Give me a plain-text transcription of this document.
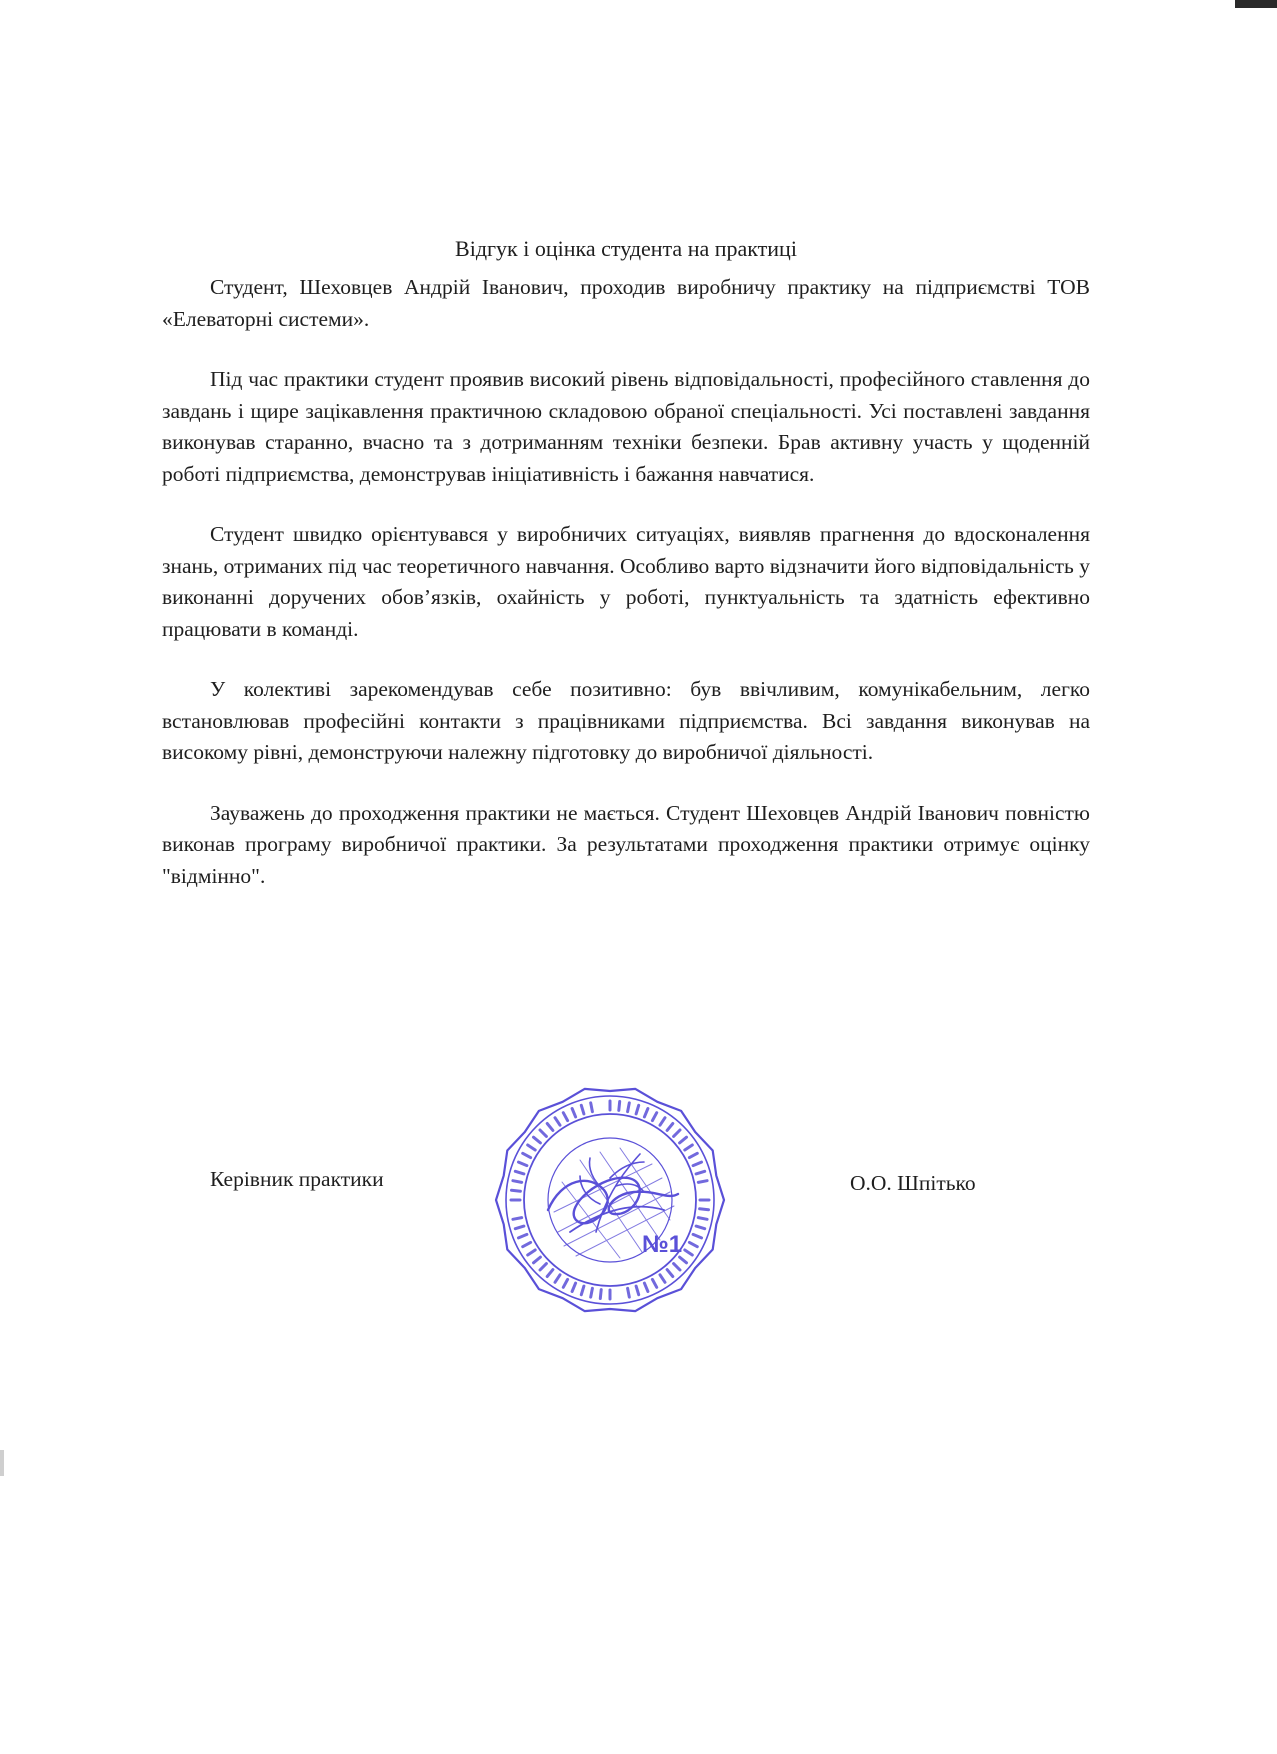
Відгук і оцінка студента на практиці

Студент, Шеховцев Андрій Іванович, проходив виробничу практику на підприємстві ТОВ «Елеваторні системи».

Під час практики студент проявив високий рівень відповідальності, професійного ставлення до завдань і щире зацікавлення практичною складовою обраної спеціальності. Усі поставлені завдання виконував старанно, вчасно та з дотриманням техніки безпеки. Брав активну участь у щоденній роботі підприємства, демонстрував ініціативність і бажання навчатися.

Студент швидко орієнтувався у виробничих ситуаціях, виявляв прагнення до вдосконалення знань, отриманих під час теоретичного навчання. Особливо варто відзначити його відповідальність у виконанні доручених обов’язків, охайність у роботі, пунктуальність та здатність ефективно працювати в команді.

У колективі зарекомендував себе позитивно: був ввічливим, комунікабельним, легко встановлював професійні контакти з працівниками підприємства. Всі завдання виконував на високому рівні, демонструючи належну підготовку до виробничої діяльності.

Зауважень до проходження практики не мається. Студент Шеховцев Андрій Іванович повністю виконав програму виробничої практики. За результатами проходження практики отримує оцінку "відмінно".

Керівник практики
№1
О.О. Шпітько
